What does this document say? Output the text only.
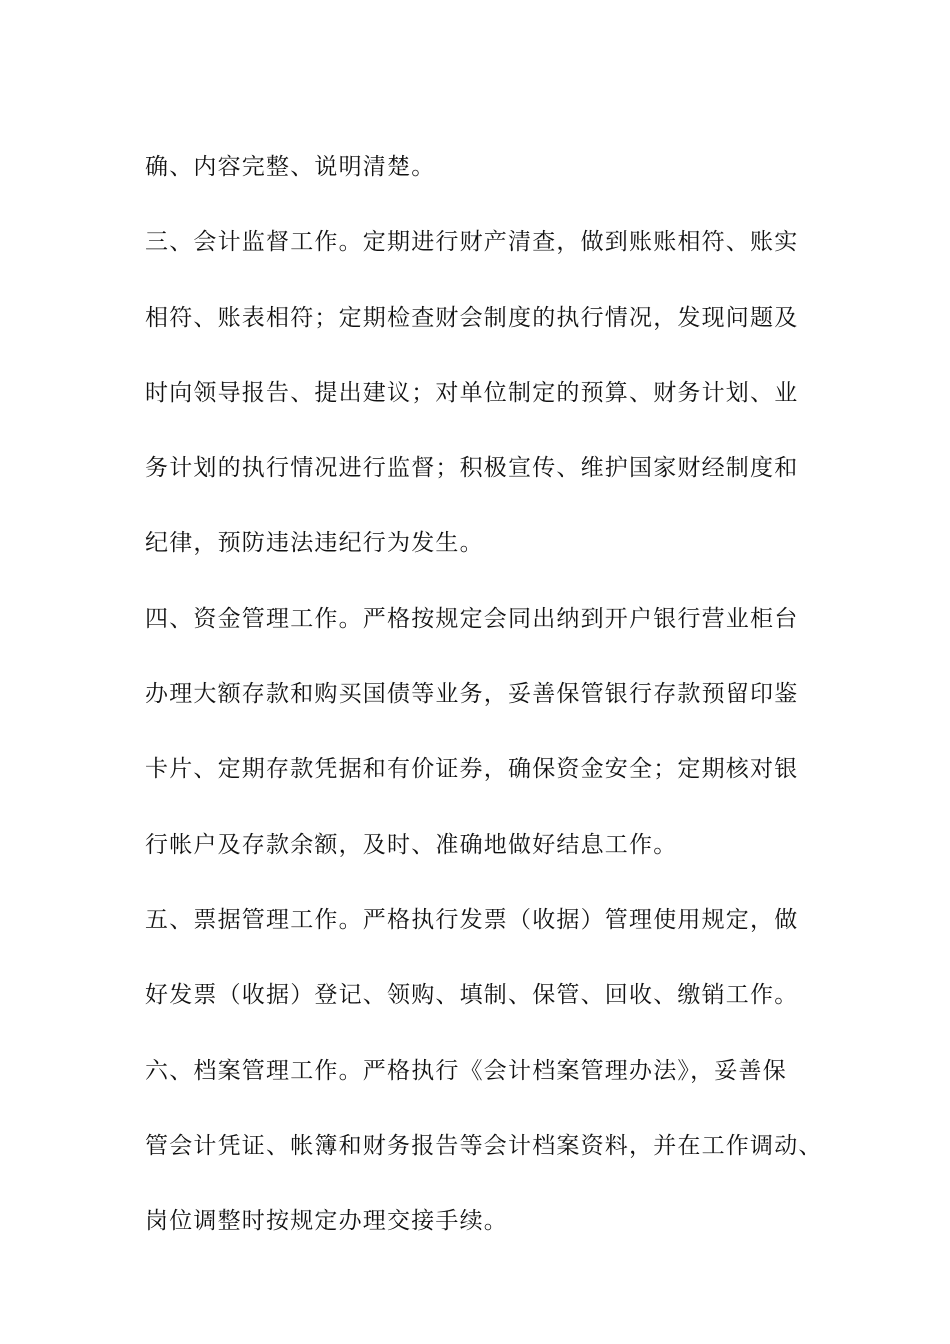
确、内容完整、说明清楚。
三、会计监督工作。定期进行财产清查，做到账账相符、账实
相符、账表相符；定期检查财会制度的执行情况，发现问题及
时向领导报告、提出建议；对单位制定的预算、财务计划、业
务计划的执行情况进行监督；积极宣传、维护国家财经制度和
纪律，预防违法违纪行为发生。
四、资金管理工作。严格按规定会同出纳到开户银行营业柜台
办理大额存款和购买国债等业务，妥善保管银行存款预留印鉴
卡片、定期存款凭据和有价证券，确保资金安全；定期核对银
行帐户及存款余额，及时、准确地做好结息工作。
五、票据管理工作。严格执行发票（收据）管理使用规定，做
好发票（收据）登记、领购、填制、保管、回收、缴销工作。
六、档案管理工作。严格执行《会计档案管理办法》，妥善保
管会计凭证、帐簿和财务报告等会计档案资料，并在工作调动、
岗位调整时按规定办理交接手续。
